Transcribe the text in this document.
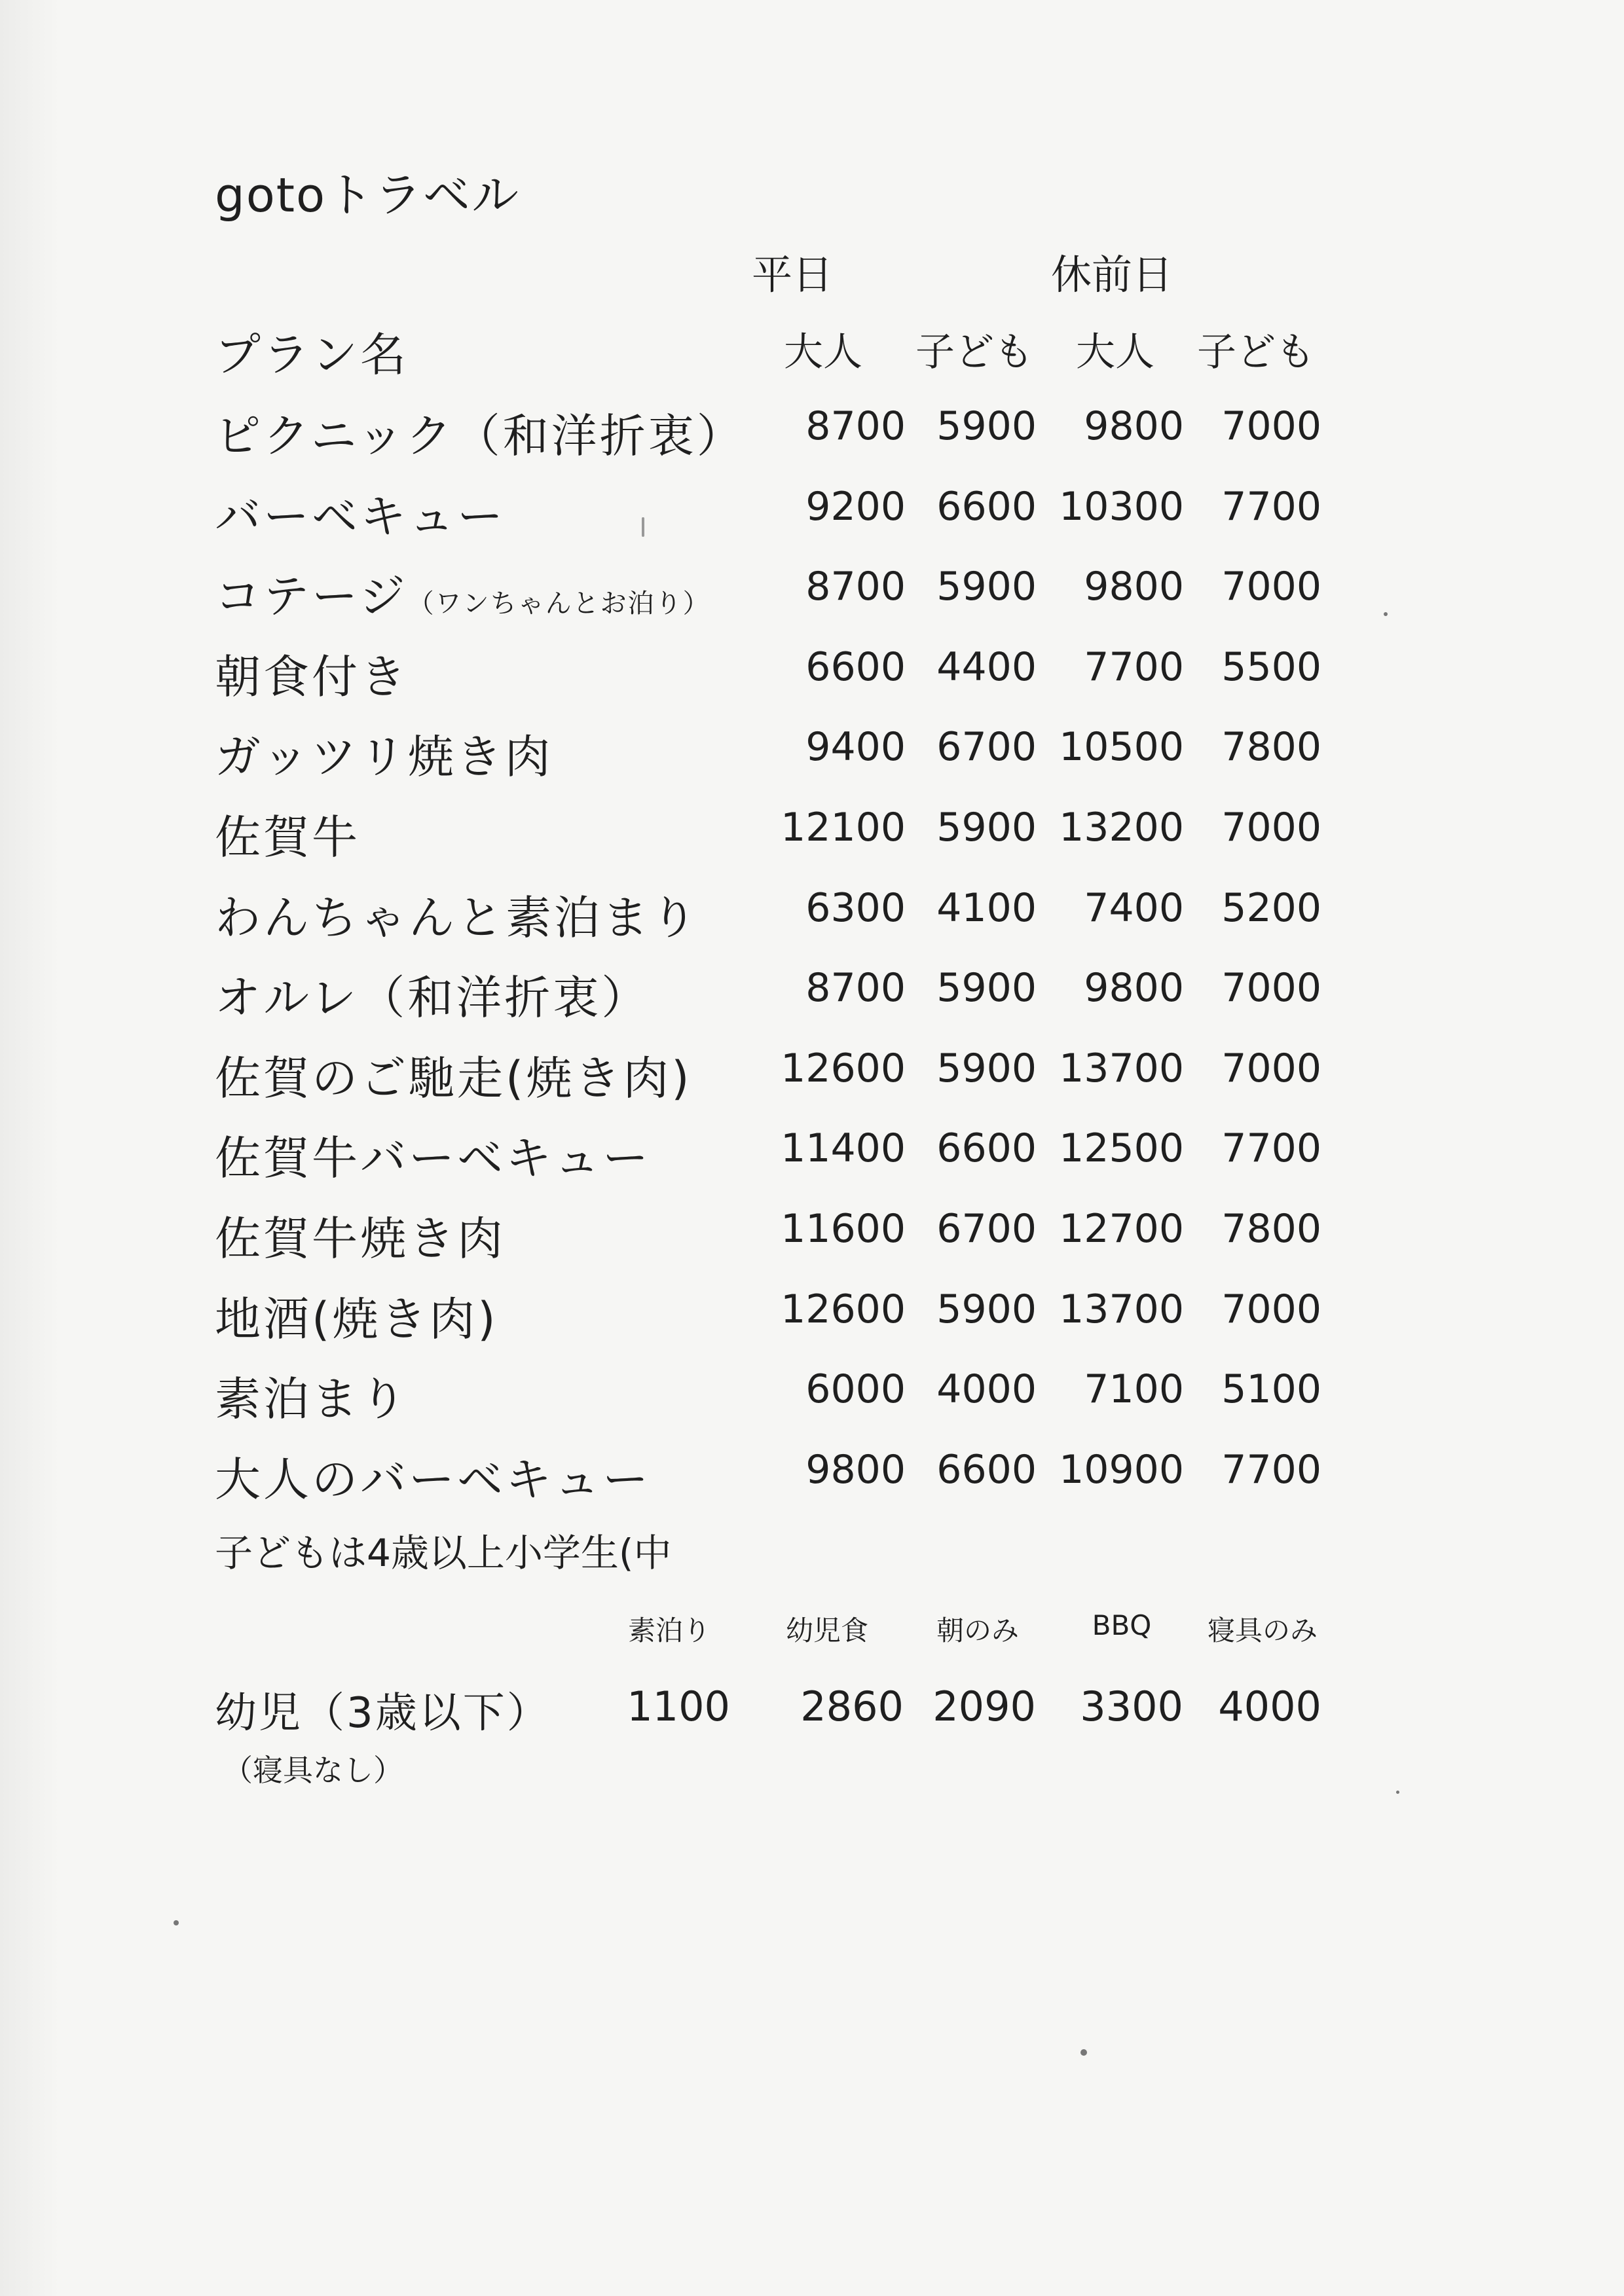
gotoトラベル
平日	休前日
プラン名	大人 子ども 大人 子ども
ピクニック（和洋折衷）	8700 5900	9800 7000
バーベキュー	9200 6600 10300 7700
コテージ（ワンちゃんとお泊り）	8700 5900	9800 7000
朝食付き	6600 4400	7700 5500
ガッツリ焼き肉	9400 6700 10500 7800
佐賀牛	12100 5900 13200 7000
わんちゃんと素泊まり	6300 4100	7400 5200
オルレ（和洋折衷）	8700 5900	9800 7000
佐賀のご馳走(焼き肉)	12600 5900 13700 7000
佐賀牛バーベキュー	11400 6600 12500 7700
佐賀牛焼き肉	11600 6700 12700 7800
地酒(焼き肉)	12600 5900 13700 7000
素泊まり	6000 4000	7100 5100
大人のバーベキュー	9800 6600 10900 7700
子どもは4歳以上小学生(中
素泊り	幼児食	朝のみ	BBQ	寝具のみ
幼児（3歳以下）	1100	2860 2090	3300 4000
（寝具なし）
